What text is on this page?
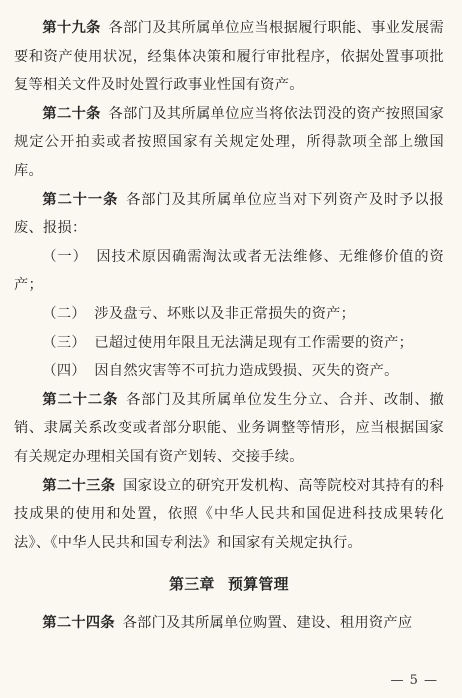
第十九条 各部门及其所属单位应当根据履行职能、事业发展需要和资产使用状况，经集体决策和履行审批程序，依据处置事项批复等相关文件及时处置行政事业性国有资产。

第二十条 各部门及其所属单位应当将依法罚没的资产按照国家规定公开拍卖或者按照国家有关规定处理，所得款项全部上缴国库。

第二十一条 各部门及其所属单位应当对下列资产及时予以报废、报损：

（一） 因技术原因确需淘汰或者无法维修、无维修价值的资产；

（二） 涉及盘亏、坏账以及非正常损失的资产；

（三） 已超过使用年限且无法满足现有工作需要的资产；

（四） 因自然灾害等不可抗力造成毁损、灭失的资产。

第二十二条 各部门及其所属单位发生分立、合并、改制、撤销、隶属关系改变或者部分职能、业务调整等情形，应当根据国家有关规定办理相关国有资产划转、交接手续。

第二十三条 国家设立的研究开发机构、高等院校对其持有的科技成果的使用和处置，依照《中华人民共和国促进科技成果转化法》、《中华人民共和国专利法》和国家有关规定执行。

第三章 预算管理

第二十四条 各部门及其所属单位购置、建设、租用资产应

— 5 —
